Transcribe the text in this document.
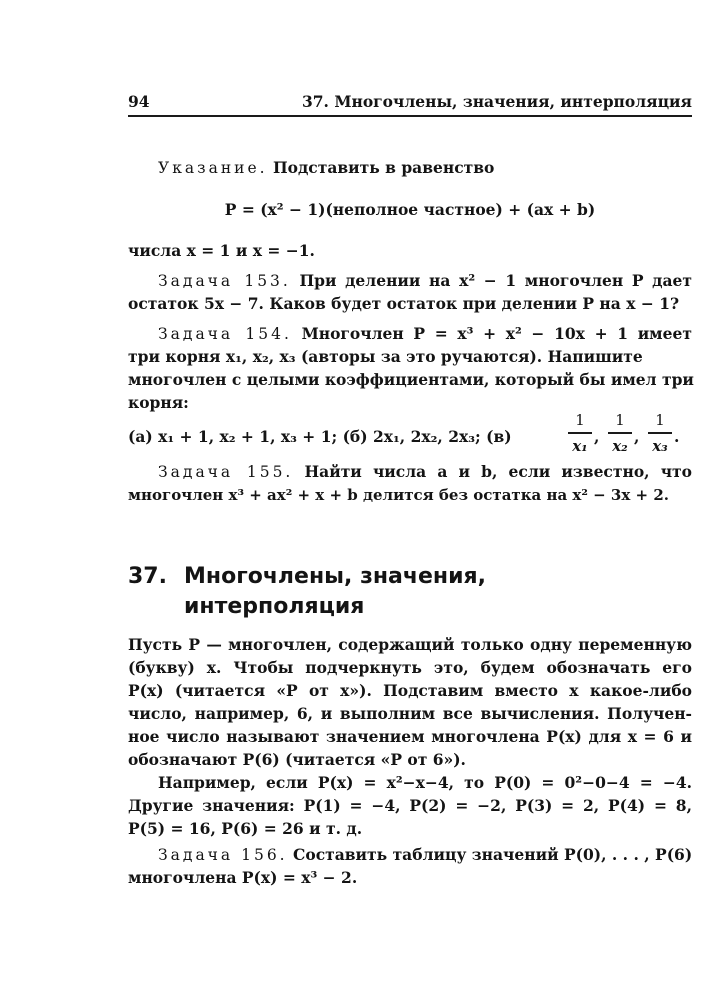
94	37. Многочлены, значения, интерполяция
Указание. Подставить в равенство
P = (x² − 1)(неполное частное) + (ax + b)
числа x = 1 и x = −1.
Задача 153. При делении на x² − 1 многочлен P дает
остаток 5x − 7. Каков будет остаток при делении P на x − 1?
Задача 154. Многочлен P = x³ + x² − 10x + 1 имеет
три корня x₁, x₂, x₃ (авторы за это ручаются). Напишите
многочлен с целыми коэффициентами, который бы имел три
корня:
(а) x₁ + 1, x₂ + 1, x₃ + 1; (б) 2x₁, 2x₂, 2x₃; (в)
1
x₁ ,
1
x₂ ,
1
x₃ .
Задача 155. Найти числа a и b, если известно, что
многочлен x³ + ax² + x + b делится без остатка на x² − 3x + 2.
37. Многочлены, значения,
интерполяция
Пусть P — многочлен, содержащий только одну переменную
(букву) x. Чтобы подчеркнуть это, будем обозначать его
P(x) (читается «P от x»). Подставим вместо x какое-либо
число, например, 6, и выполним все вычисления. Получен-
ное число называют значением многочлена P(x) для x = 6 и
обозначают P(6) (читается «P от 6»).
Например, если P(x) = x²−x−4, то P(0) = 0²−0−4 = −4.
Другие значения: P(1) = −4, P(2) = −2, P(3) = 2, P(4) = 8,
P(5) = 16, P(6) = 26 и т. д.
Задача 156. Составить таблицу значений P(0), . . . , P(6)
многочлена P(x) = x³ − 2.
